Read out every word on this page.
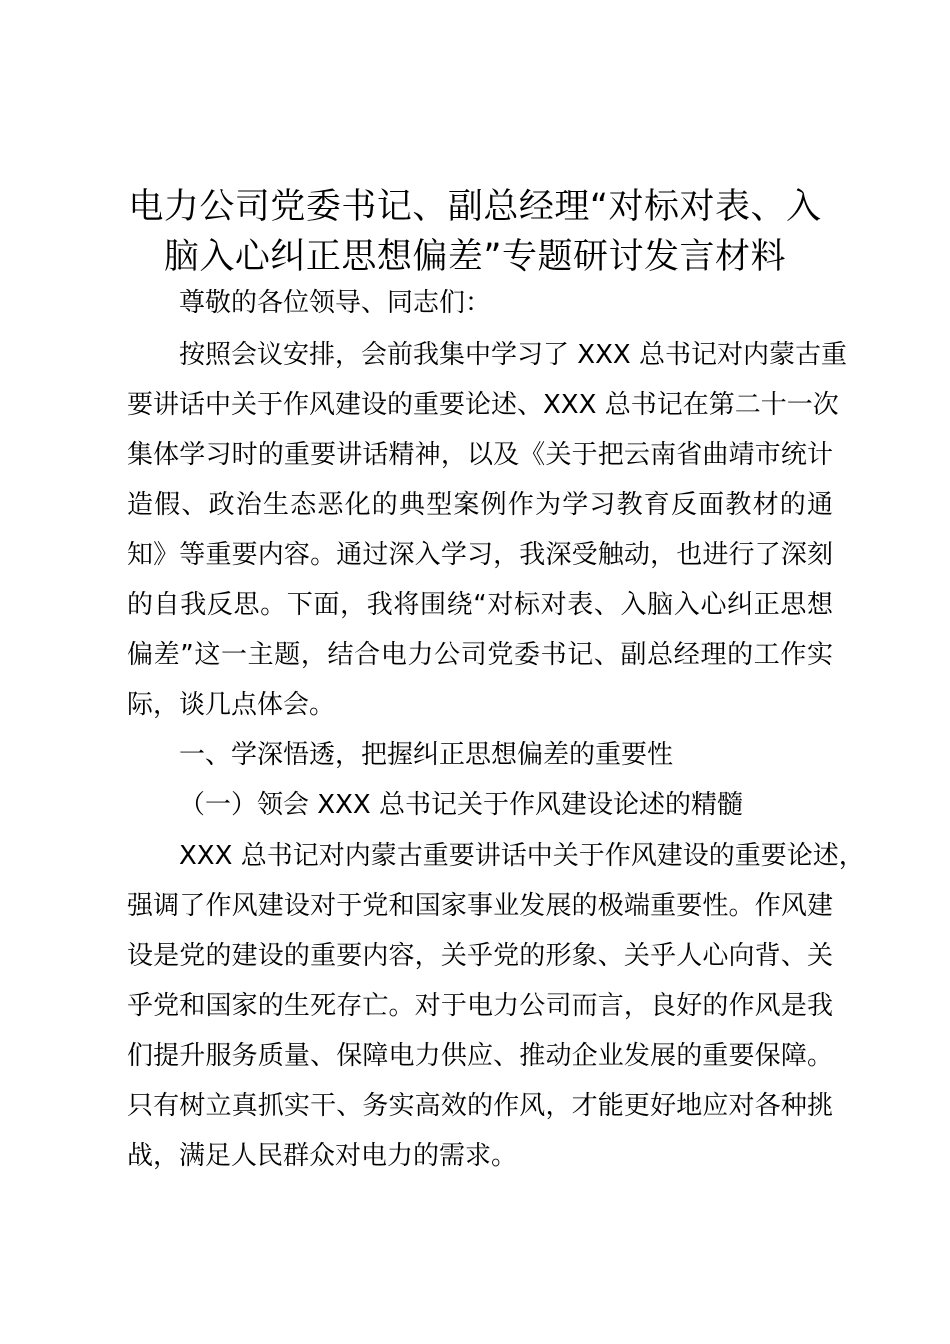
电力公司党委书记、副总经理“对标对表、入
脑入心纠正思想偏差”专题研讨发言材料
尊敬的各位领导、同志们：
按照会议安排，会前我集中学习了 XXX 总书记对内蒙古重
要讲话中关于作风建设的重要论述、XXX 总书记在第二十一次
集体学习时的重要讲话精神，以及《关于把云南省曲靖市统计
造假、政治生态恶化的典型案例作为学习教育反面教材的通
知》等重要内容。通过深入学习，我深受触动，也进行了深刻
的自我反思。下面，我将围绕“对标对表、入脑入心纠正思想
偏差”这一主题，结合电力公司党委书记、副总经理的工作实
际，谈几点体会。
一、学深悟透，把握纠正思想偏差的重要性
（一）领会 XXX 总书记关于作风建设论述的精髓
XXX 总书记对内蒙古重要讲话中关于作风建设的重要论述，
强调了作风建设对于党和国家事业发展的极端重要性。作风建
设是党的建设的重要内容，关乎党的形象、关乎人心向背、关
乎党和国家的生死存亡。对于电力公司而言，良好的作风是我
们提升服务质量、保障电力供应、推动企业发展的重要保障。
只有树立真抓实干、务实高效的作风，才能更好地应对各种挑
战，满足人民群众对电力的需求。
